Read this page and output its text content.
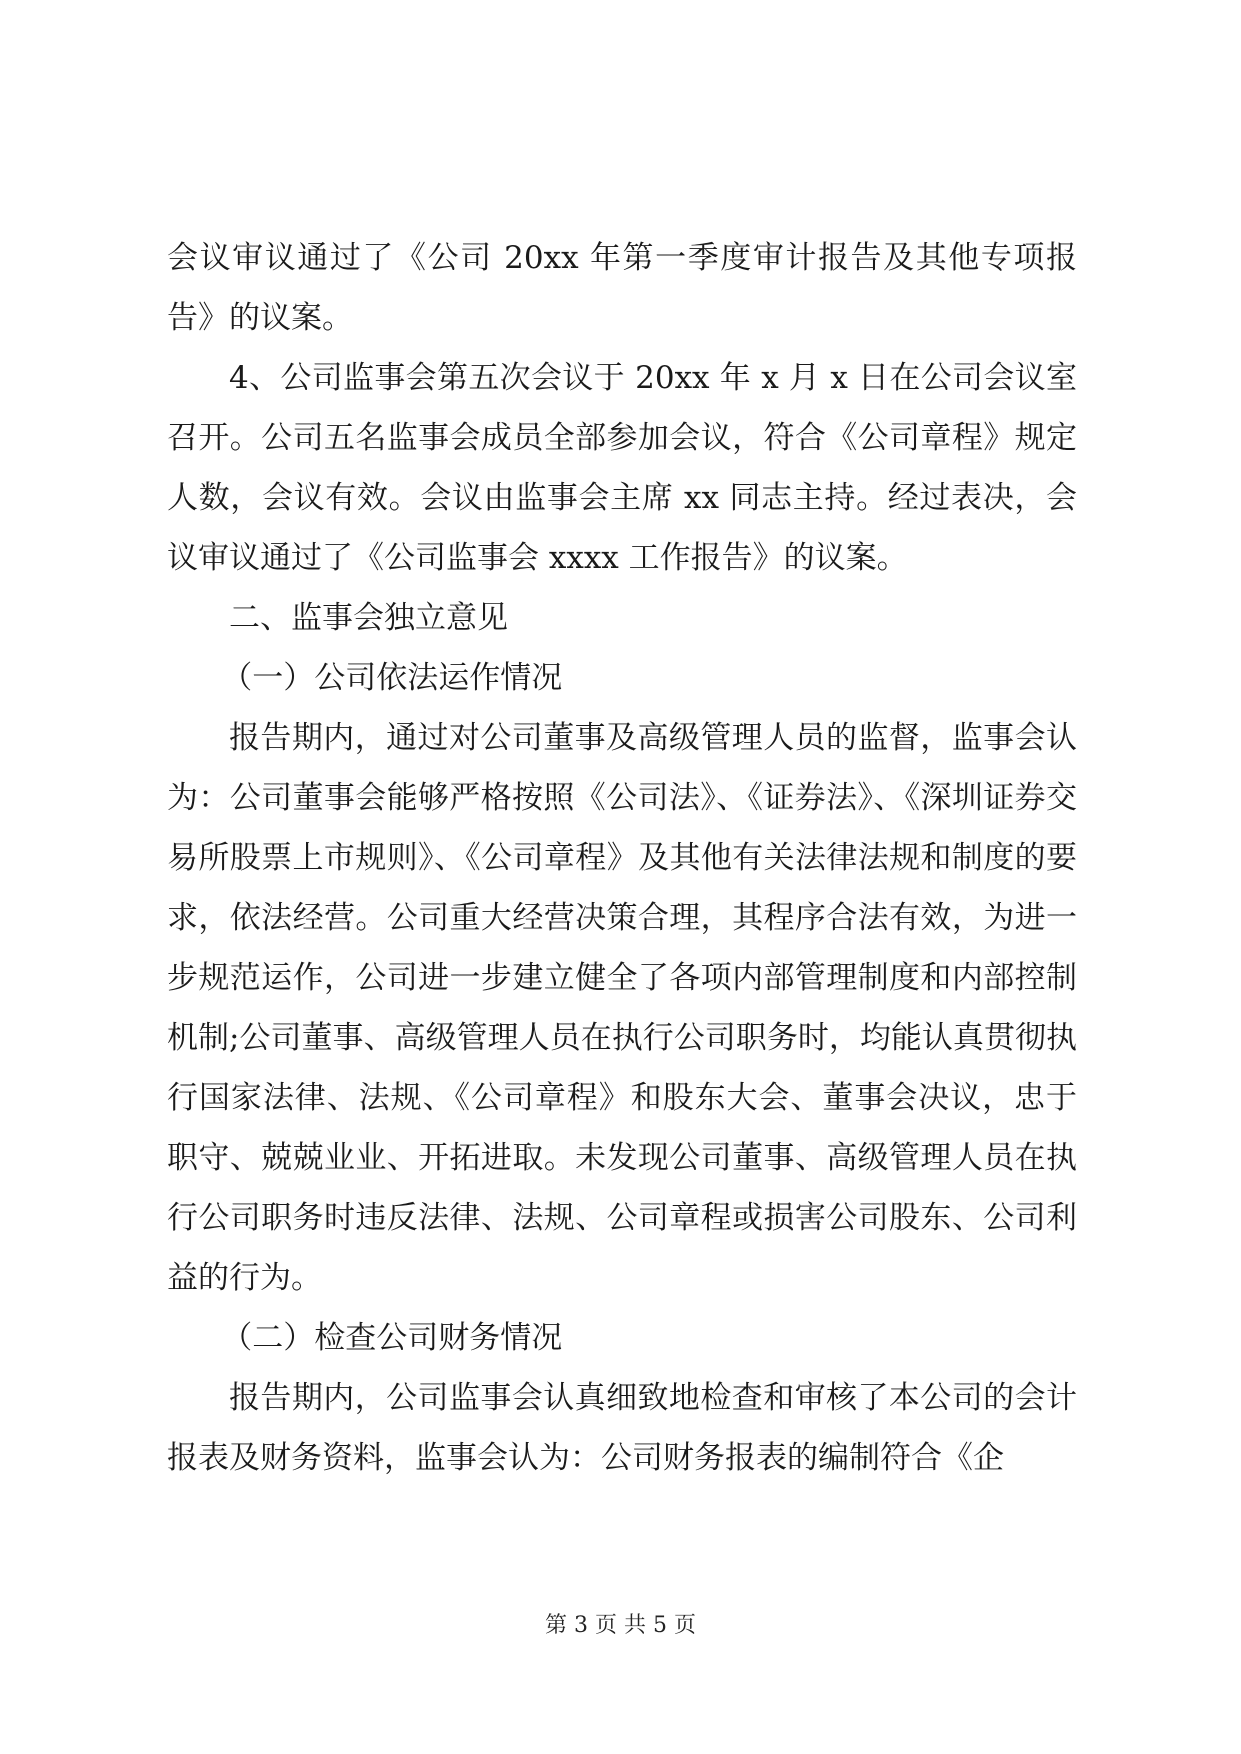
会议审议通过了《公司 20xx 年第一季度审计报告及其他专项报告》的议案。

4、公司监事会第五次会议于 20xx 年 x 月 x 日在公司会议室召开。公司五名监事会成员全部参加会议，符合《公司章程》规定人数，会议有效。会议由监事会主席 xx 同志主持。经过表决，会议审议通过了《公司监事会 xxxx 工作报告》的议案。

二、监事会独立意见

（一）公司依法运作情况

报告期内，通过对公司董事及高级管理人员的监督，监事会认为：公司董事会能够严格按照《公司法》、《证券法》、《深圳证券交易所股票上市规则》、《公司章程》及其他有关法律法规和制度的要求，依法经营。公司重大经营决策合理，其程序合法有效，为进一步规范运作，公司进一步建立健全了各项内部管理制度和内部控制机制;公司董事、高级管理人员在执行公司职务时，均能认真贯彻执行国家法律、法规、《公司章程》和股东大会、董事会决议，忠于职守、兢兢业业、开拓进取。未发现公司董事、高级管理人员在执行公司职务时违反法律、法规、公司章程或损害公司股东、公司利益的行为。

（二）检查公司财务情况

报告期内，公司监事会认真细致地检查和审核了本公司的会计报表及财务资料，监事会认为：公司财务报表的编制符合《企

第 3 页 共 5 页
